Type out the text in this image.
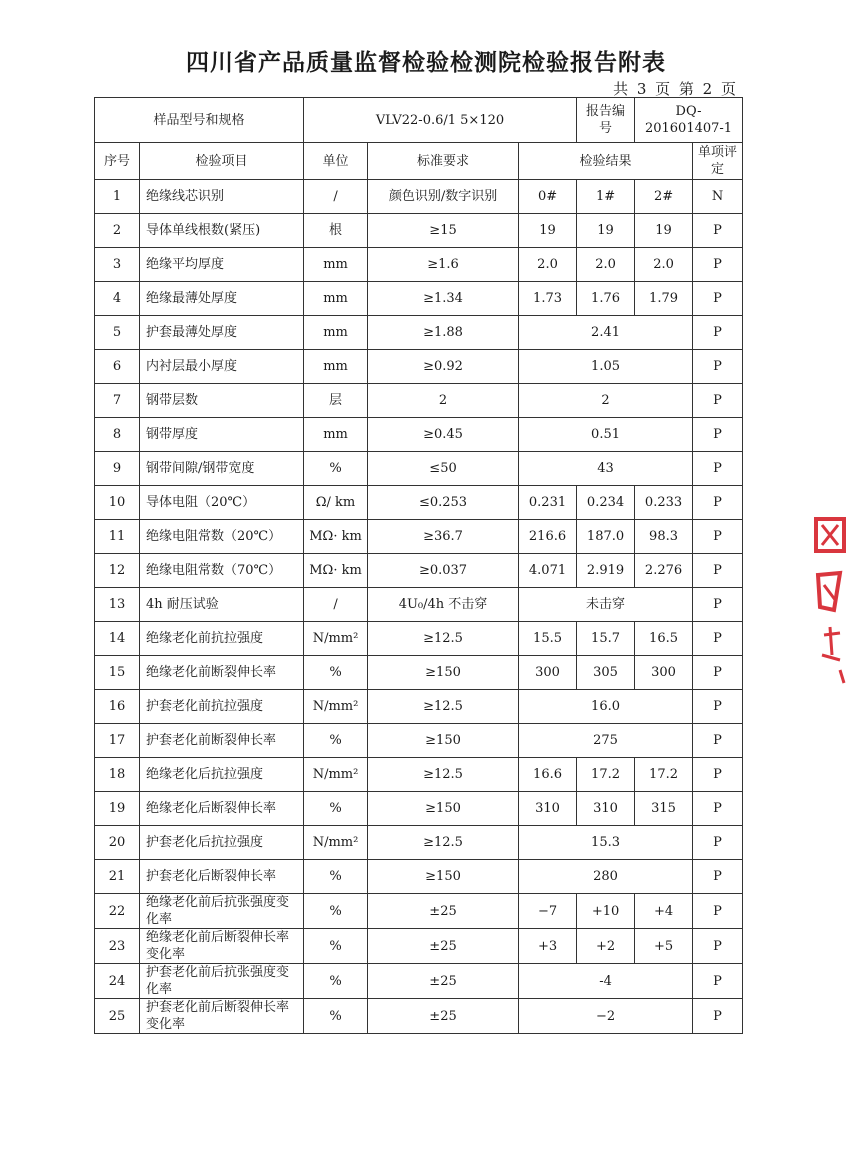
四川省产品质量监督检验检测院检验报告附表
共 3 页 第 2 页
样品型号和规格		VLV22-0.6/1 5×120			报告编号	DQ-201601407-1	
序号	检验项目	单位	标准要求	检验结果			单项评定
1	绝缘线芯识别	/	颜色识别/数字识别	0#	1#	2#	N
2	导体单线根数(紧压)	根	≥15	19	19	19	P
3	绝缘平均厚度	mm	≥1.6	2.0	2.0	2.0	P
4	绝缘最薄处厚度	mm	≥1.34	1.73	1.76	1.79	P
5	护套最薄处厚度	mm	≥1.88	2.41			P
6	内衬层最小厚度	mm	≥0.92	1.05			P
7	钢带层数	层	2	2			P
8	钢带厚度	mm	≥0.45	0.51			P
9	钢带间隙/钢带宽度	%	≤50	43			P
10	导体电阻（20℃）	Ω/ km	≤0.253	0.231	0.234	0.233	P
11	绝缘电阻常数（20℃）	MΩ· km	≥36.7	216.6	187.0	98.3	P
12	绝缘电阻常数（70℃）	MΩ· km	≥0.037	4.071	2.919	2.276	P
13	4h 耐压试验	/	4U₀/4h 不击穿	未击穿			P
14	绝缘老化前抗拉强度	N/mm²	≥12.5	15.5	15.7	16.5	P
15	绝缘老化前断裂伸长率	%	≥150	300	305	300	P
16	护套老化前抗拉强度	N/mm²	≥12.5	16.0			P
17	护套老化前断裂伸长率	%	≥150	275			P
18	绝缘老化后抗拉强度	N/mm²	≥12.5	16.6	17.2	17.2	P
19	绝缘老化后断裂伸长率	%	≥150	310	310	315	P
20	护套老化后抗拉强度	N/mm²	≥12.5	15.3			P
21	护套老化后断裂伸长率	%	≥150	280			P
22	绝缘老化前后抗张强度变化率	%	±25	−7	+10	+4	P
23	绝缘老化前后断裂伸长率变化率	%	±25	+3	+2	+5	P
24	护套老化前后抗张强度变化率	%	±25	-4			P
25	护套老化前后断裂伸长率变化率	%	±25	−2			P
